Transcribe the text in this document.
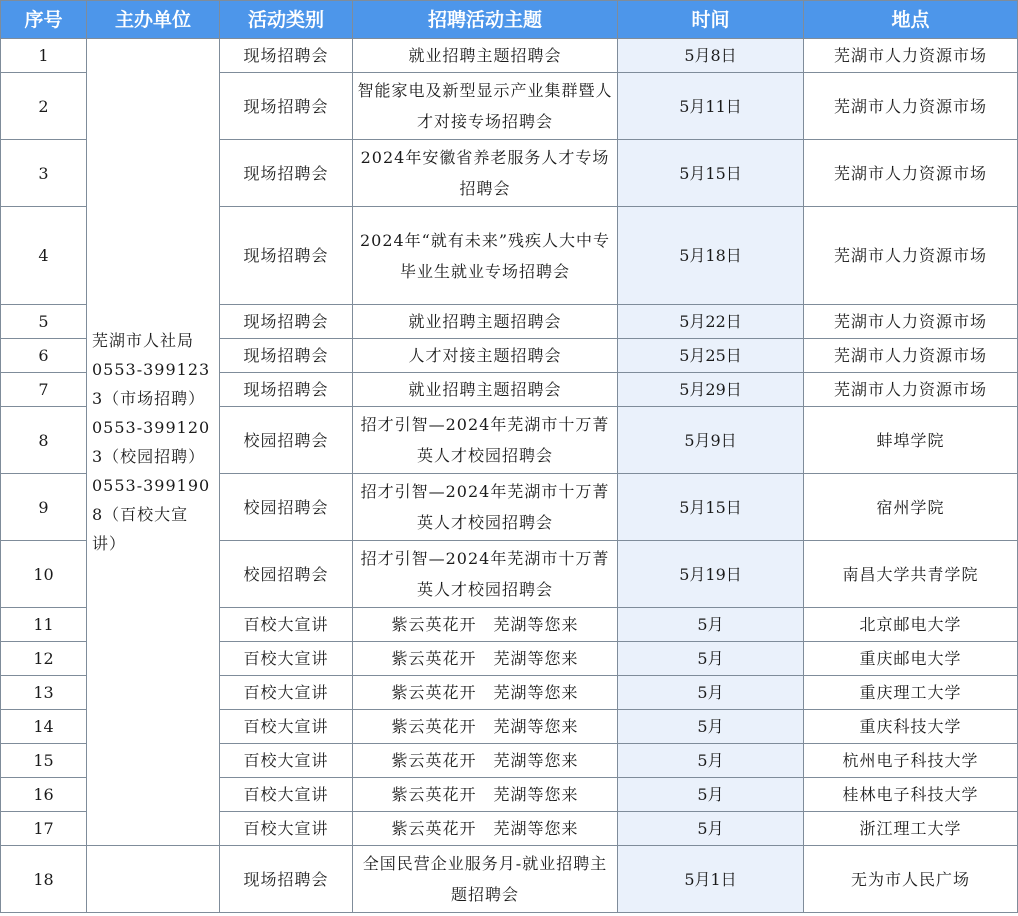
序号	主办单位	活动类别	招聘活动主题	时间	地点
1	芜湖市人社局　0553-3991233（市场招聘）0553-3991203（校园招聘）0553-3991908（百校大宣讲）	现场招聘会	就业招聘主题招聘会	5月8日	芜湖市人力资源市场
2		现场招聘会	智能家电及新型显示产业集群暨人才对接专场招聘会	5月11日	芜湖市人力资源市场
3		现场招聘会	2024年安徽省养老服务人才专场招聘会	5月15日	芜湖市人力资源市场
4		现场招聘会	2024年“就有未来”残疾人大中专毕业生就业专场招聘会	5月18日	芜湖市人力资源市场
5		现场招聘会	就业招聘主题招聘会	5月22日	芜湖市人力资源市场
6		现场招聘会	人才对接主题招聘会	5月25日	芜湖市人力资源市场
7		现场招聘会	就业招聘主题招聘会	5月29日	芜湖市人力资源市场
8		校园招聘会	招才引智—2024年芜湖市十万菁英人才校园招聘会	5月9日	蚌埠学院
9		校园招聘会	招才引智—2024年芜湖市十万菁英人才校园招聘会	5月15日	宿州学院
10		校园招聘会	招才引智—2024年芜湖市十万菁英人才校园招聘会	5月19日	南昌大学共青学院
11		百校大宣讲	紫云英花开　芜湖等您来	5月	北京邮电大学
12		百校大宣讲	紫云英花开　芜湖等您来	5月	重庆邮电大学
13		百校大宣讲	紫云英花开　芜湖等您来	5月	重庆理工大学
14		百校大宣讲	紫云英花开　芜湖等您来	5月	重庆科技大学
15		百校大宣讲	紫云英花开　芜湖等您来	5月	杭州电子科技大学
16		百校大宣讲	紫云英花开　芜湖等您来	5月	桂林电子科技大学
17		百校大宣讲	紫云英花开　芜湖等您来	5月	浙江理工大学
18		现场招聘会	全国民营企业服务月-就业招聘主题招聘会	5月1日	无为市人民广场
